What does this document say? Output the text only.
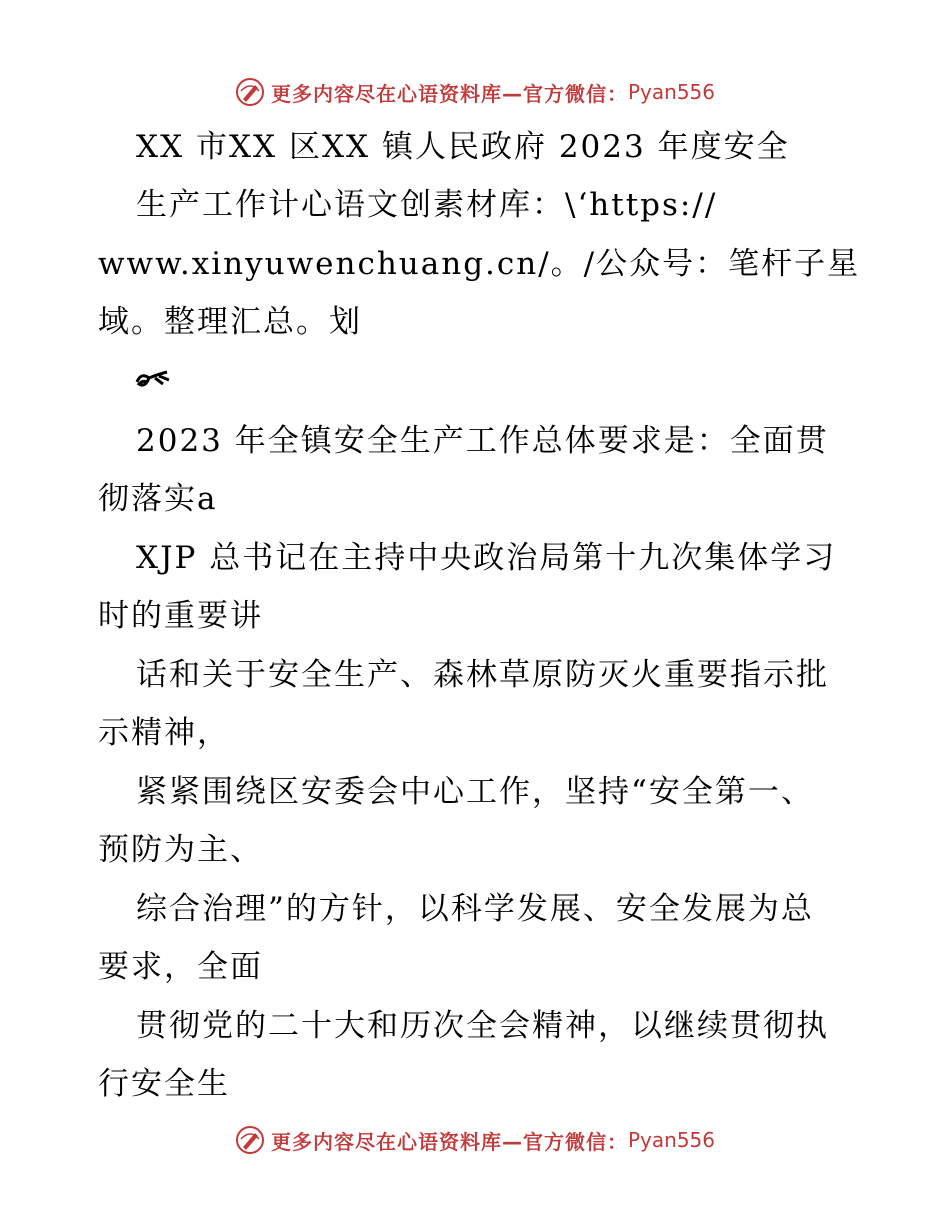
更多内容尽在心语资料库—官方微信： Pyan556
XX 市XX 区XX 镇人民政府 2023 年度安全
生产工作计心语文创素材库：\‘https://
www.xinyuwenchuang.cn/。/公众号：笔杆子星
域。整理汇总。划
2023 年全镇安全生产工作总体要求是：全面贯
彻落实a
XJP 总书记在主持中央政治局第十九次集体学习
时的重要讲
话和关于安全生产、森林草原防灭火重要指示批
示精神，
紧紧围绕区安委会中心工作，坚持“安全第一、
预防为主、
综合治理”的方针，以科学发展、安全发展为总
要求，全面
贯彻党的二十大和历次全会精神，以继续贯彻执
行安全生
更多内容尽在心语资料库—官方微信： Pyan556
